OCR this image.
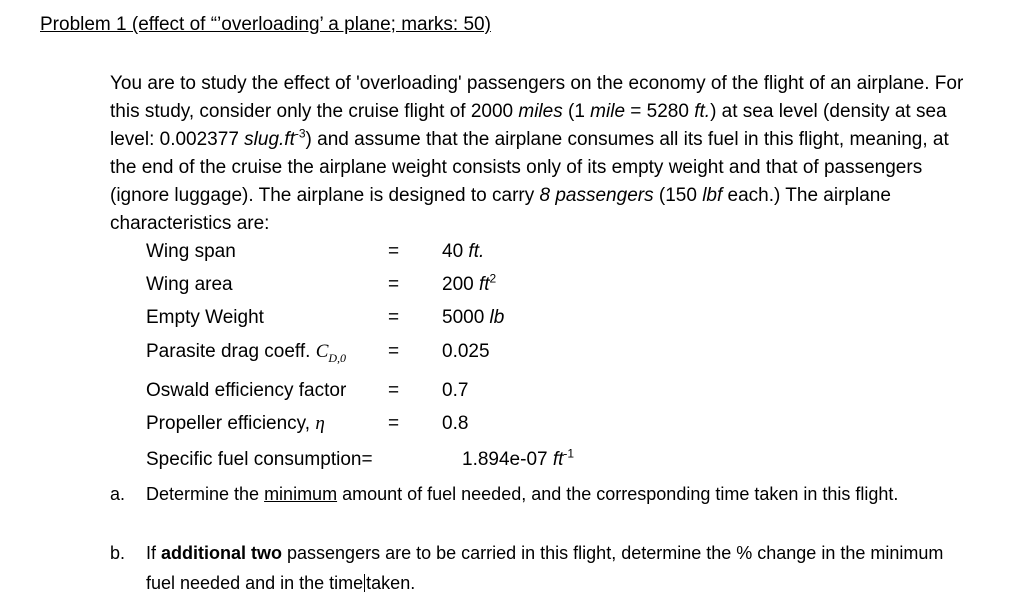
Problem 1 (effect of “’overloading’ a plane; marks: 50)
You are to study the effect of 'overloading' passengers on the economy of the flight of an airplane. For this study, consider only the cruise flight of 2000 miles (1 mile = 5280 ft.) at sea level (density at sea level: 0.002377 $slug.ft^{-3}$) and assume that the airplane consumes all its fuel in this flight, meaning, at the end of the cruise the airplane weight consists only of its empty weight and that of passengers (ignore luggage). The airplane is designed to carry 8 passengers (150 lbf each.) The airplane characteristics are:
Wing span	= 40 ft.
Wing area	= 200 $ft^2$
Empty Weight	= 5000 lb
Parasite drag coeff. $C_{D,0} = 0.025$
Oswald efficiency factor = 0.7
Propeller efficiency, η	= 0.8
Specific fuel consumption=	1.894e-07 $ft^{-1}$
a. Determine the minimum amount of fuel needed, and the corresponding time taken in this flight.
b. If additional two passengers are to be carried in this flight, determine the % change in the minimum fuel needed and in the time taken.
